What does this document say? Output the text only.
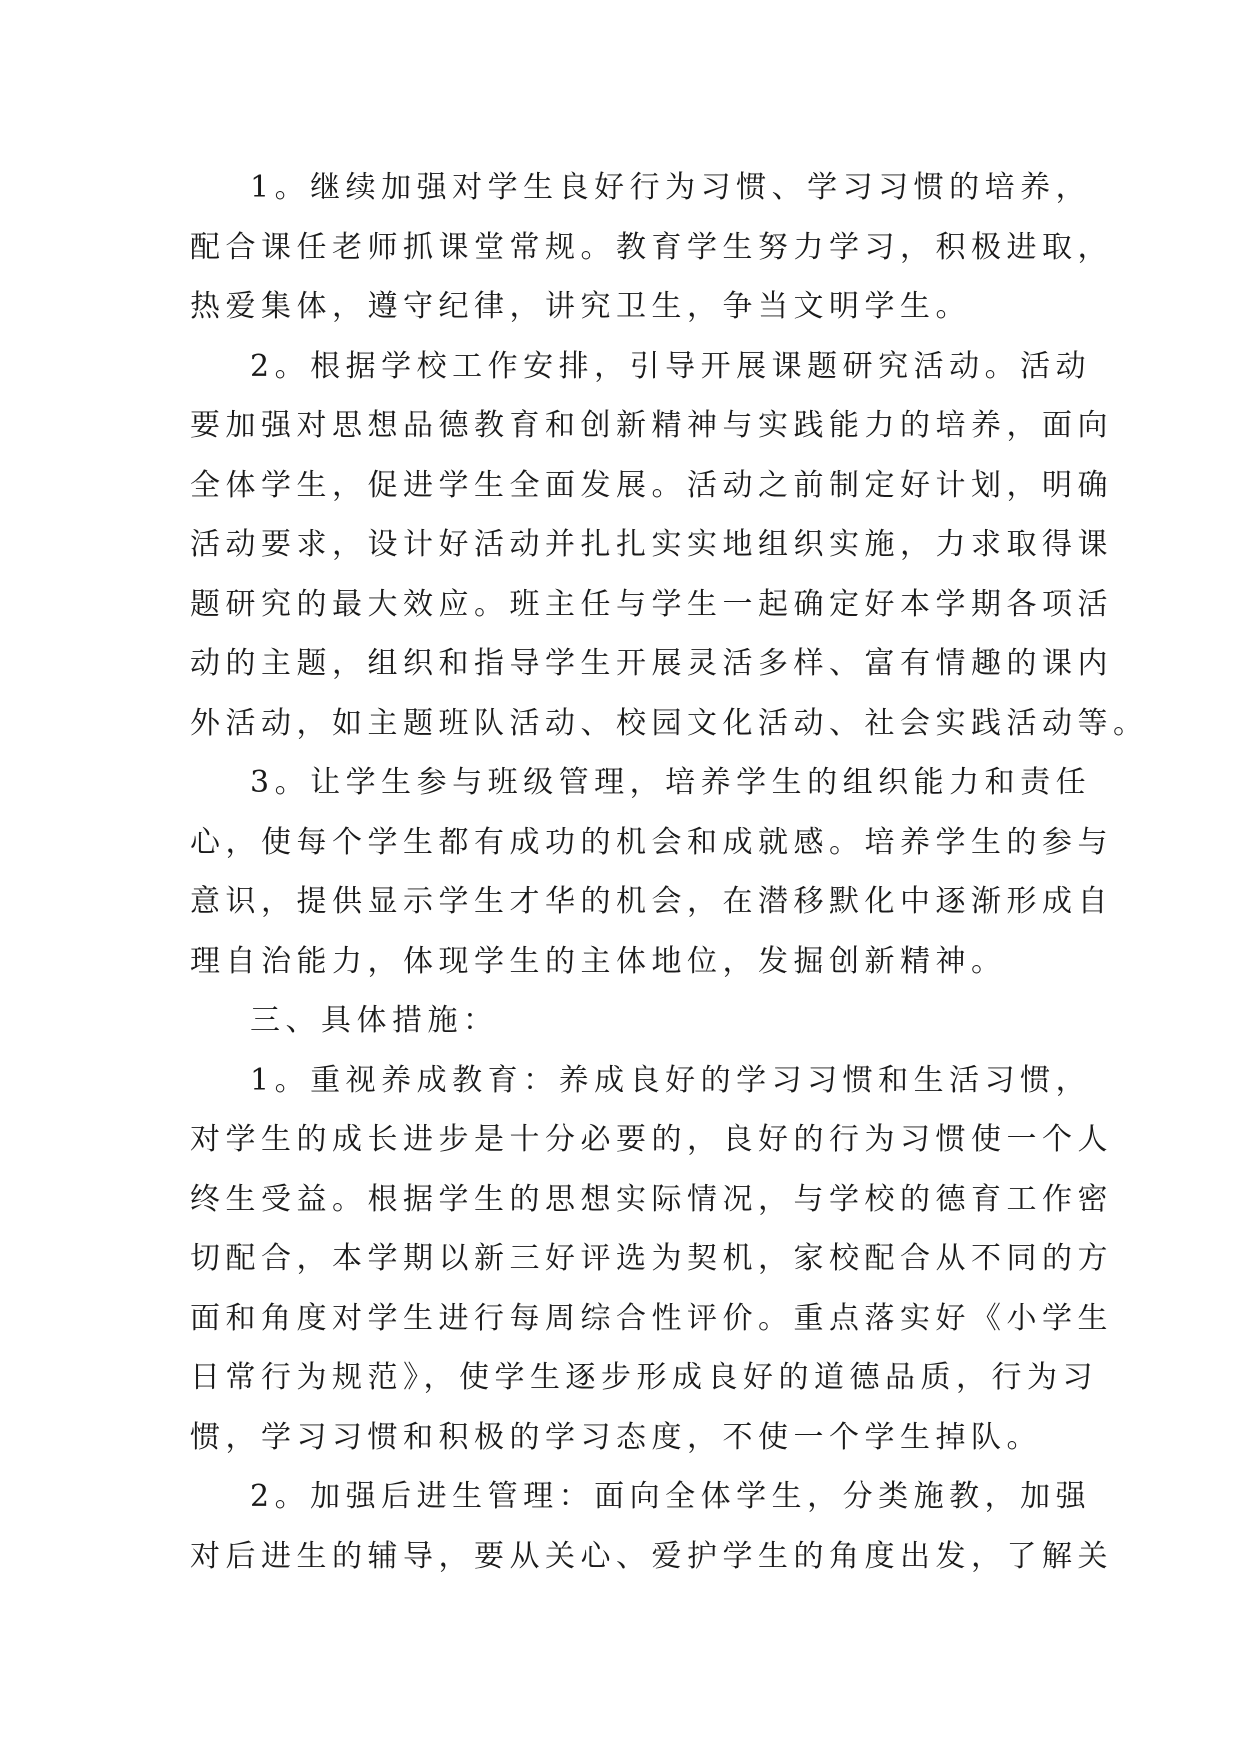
1。继续加强对学生良好行为习惯、学习习惯的培养，
配合课任老师抓课堂常规。教育学生努力学习，积极进取，
热爱集体，遵守纪律，讲究卫生，争当文明学生。
2。根据学校工作安排，引导开展课题研究活动。活动
要加强对思想品德教育和创新精神与实践能力的培养，面向
全体学生，促进学生全面发展。活动之前制定好计划，明确
活动要求，设计好活动并扎扎实实地组织实施，力求取得课
题研究的最大效应。班主任与学生一起确定好本学期各项活
动的主题，组织和指导学生开展灵活多样、富有情趣的课内
外活动，如主题班队活动、校园文化活动、社会实践活动等。
3。让学生参与班级管理，培养学生的组织能力和责任
心，使每个学生都有成功的机会和成就感。培养学生的参与
意识，提供显示学生才华的机会，在潜移默化中逐渐形成自
理自治能力，体现学生的主体地位，发掘创新精神。
三、具体措施：
1。重视养成教育：养成良好的学习习惯和生活习惯，
对学生的成长进步是十分必要的，良好的行为习惯使一个人
终生受益。根据学生的思想实际情况，与学校的德育工作密
切配合，本学期以新三好评选为契机，家校配合从不同的方
面和角度对学生进行每周综合性评价。重点落实好《小学生
日常行为规范》，使学生逐步形成良好的道德品质，行为习
惯，学习习惯和积极的学习态度，不使一个学生掉队。
2。加强后进生管理：面向全体学生，分类施教，加强
对后进生的辅导，要从关心、爱护学生的角度出发，了解关
